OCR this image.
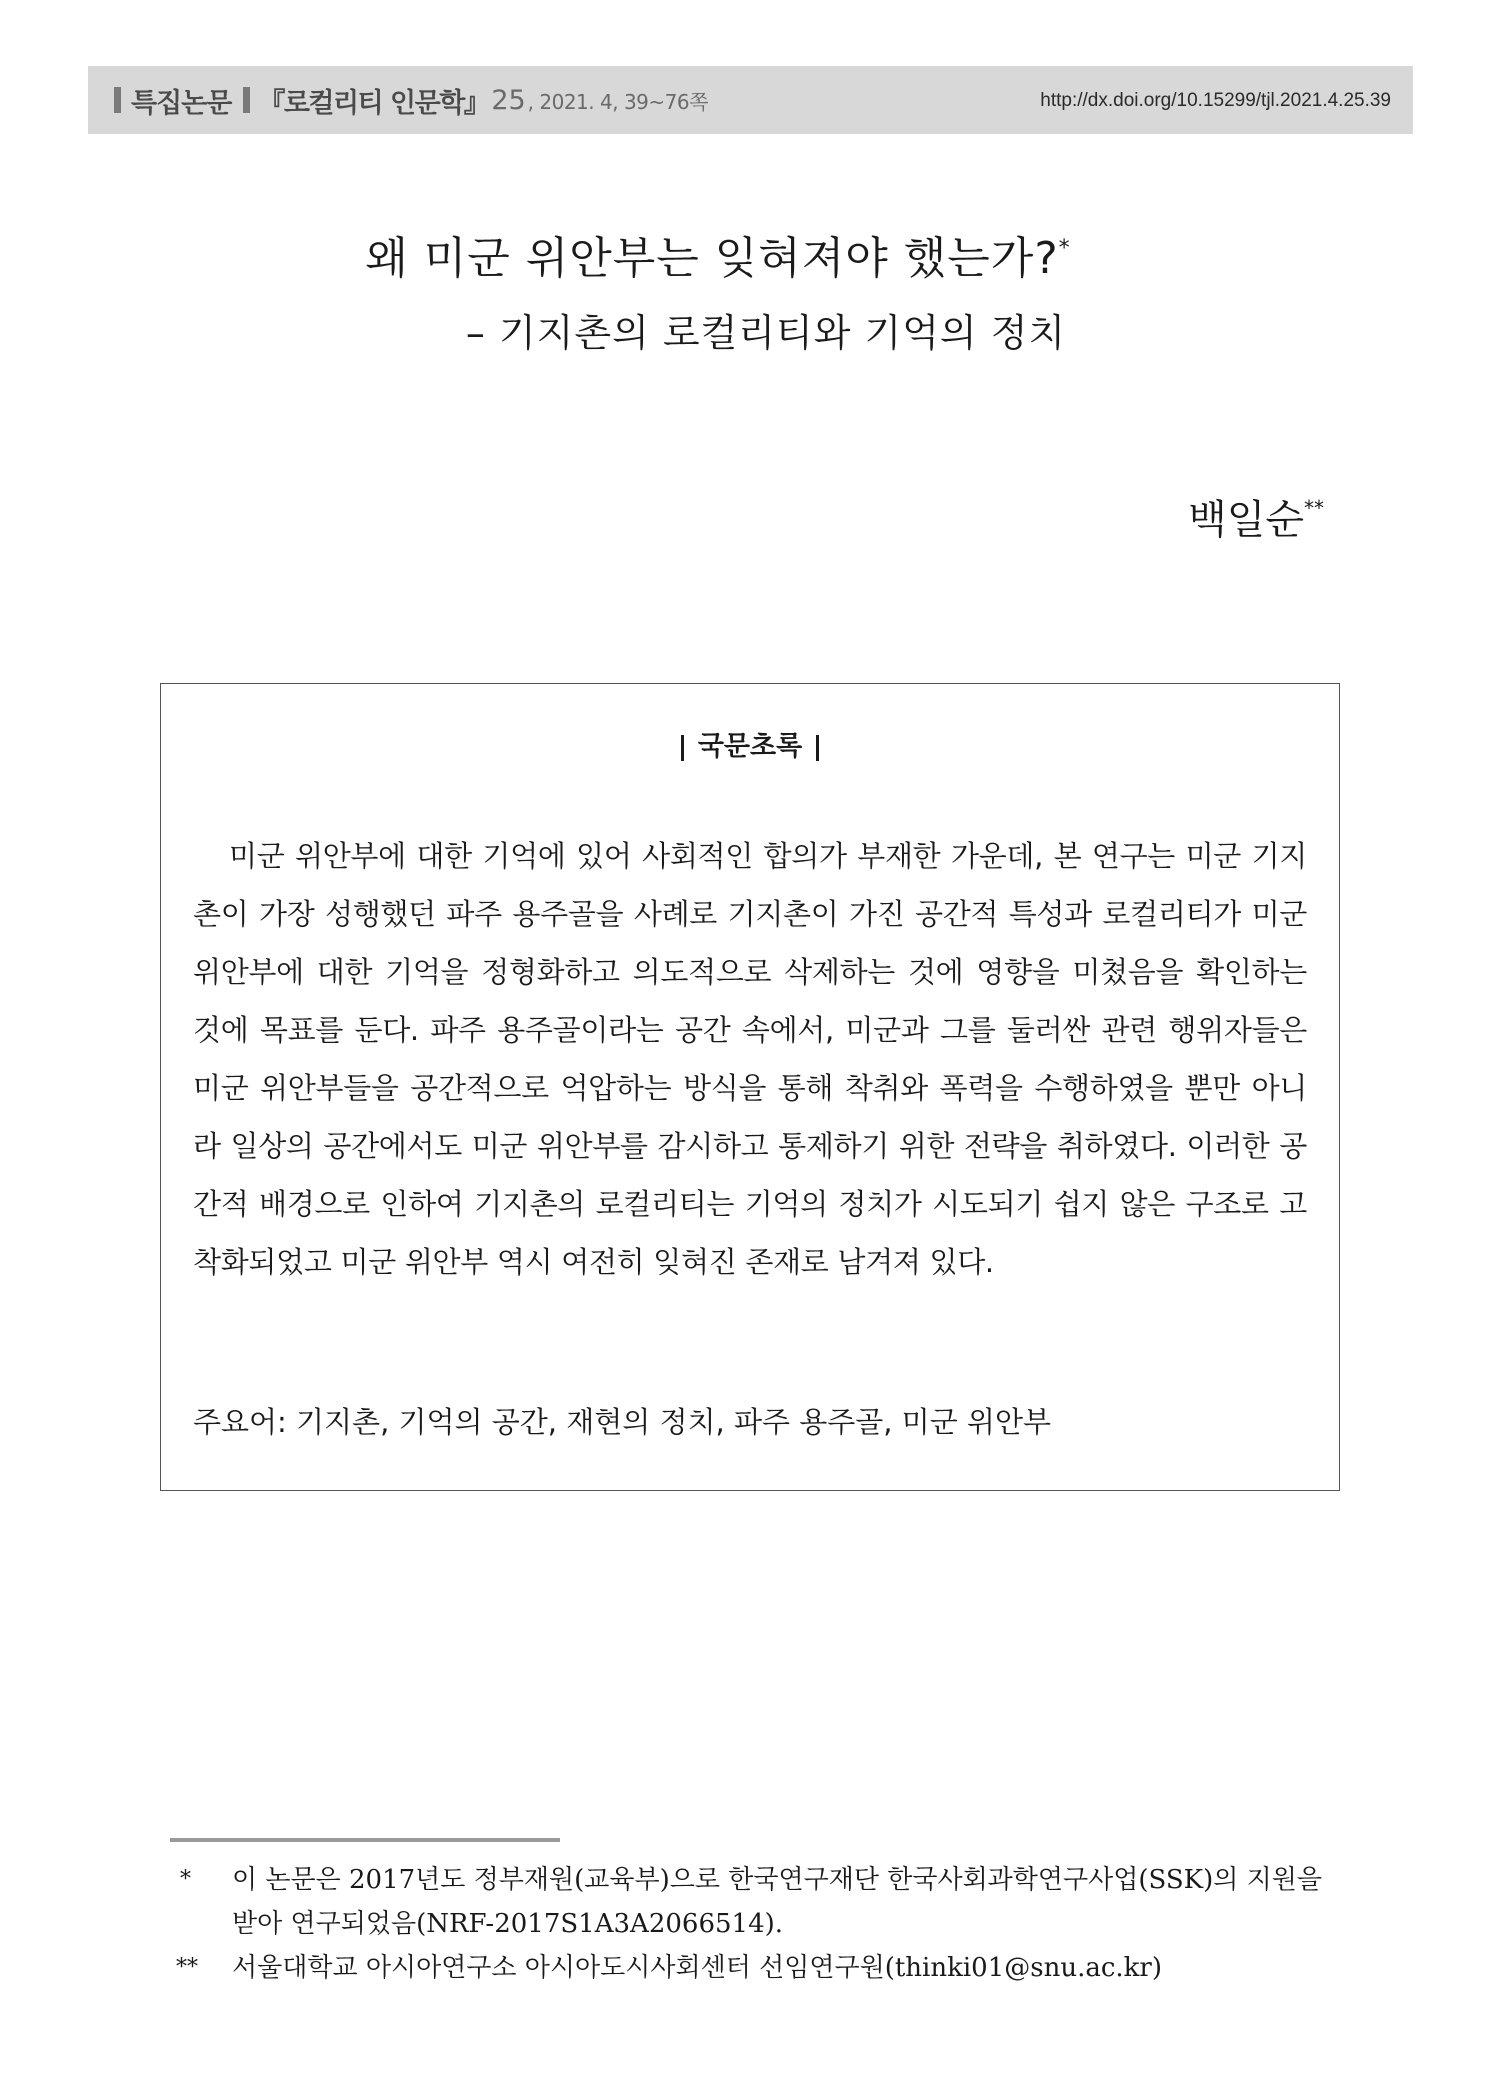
특집논문 『로컬리티 인문학』 25 , 2021. 4, 39~76쪽	http://dx.doi.org/10.15299/tjl.2021.4.25.39
왜 미군 위안부는 잊혀져야 했는가?*
– 기지촌의 로컬리티와 기억의 정치
백일순**
국문초록
미군 위안부에 대한 기억에 있어 사회적인 합의가 부재한 가운데, 본 연구는 미군 기지촌이 가장 성행했던 파주 용주골을 사례로 기지촌이 가진 공간적 특성과 로컬리티가 미군 위안부에 대한 기억을 정형화하고 의도적으로 삭제하는 것에 영향을 미쳤음을 확인하는 것에 목표를 둔다. 파주 용주골이라는 공간 속에서, 미군과 그를 둘러싼 관련 행위자들은 미군 위안부들을 공간적으로 억압하는 방식을 통해 착취와 폭력을 수행하였을 뿐만 아니라 일상의 공간에서도 미군 위안부를 감시하고 통제하기 위한 전략을 취하였다. 이러한 공간적 배경으로 인하여 기지촌의 로컬리티는 기억의 정치가 시도되기 쉽지 않은 구조로 고착화되었고 미군 위안부 역시 여전히 잊혀진 존재로 남겨져 있다.
주요어: 기지촌, 기억의 공간, 재현의 정치, 파주 용주골, 미군 위안부
* 이 논문은 2017년도 정부재원(교육부)으로 한국연구재단 한국사회과학연구사업(SSK)의 지원을 받아 연구되었음(NRF-2017S1A3A2066514).
** 서울대학교 아시아연구소 아시아도시사회센터 선임연구원(thinki01@snu.ac.kr)
